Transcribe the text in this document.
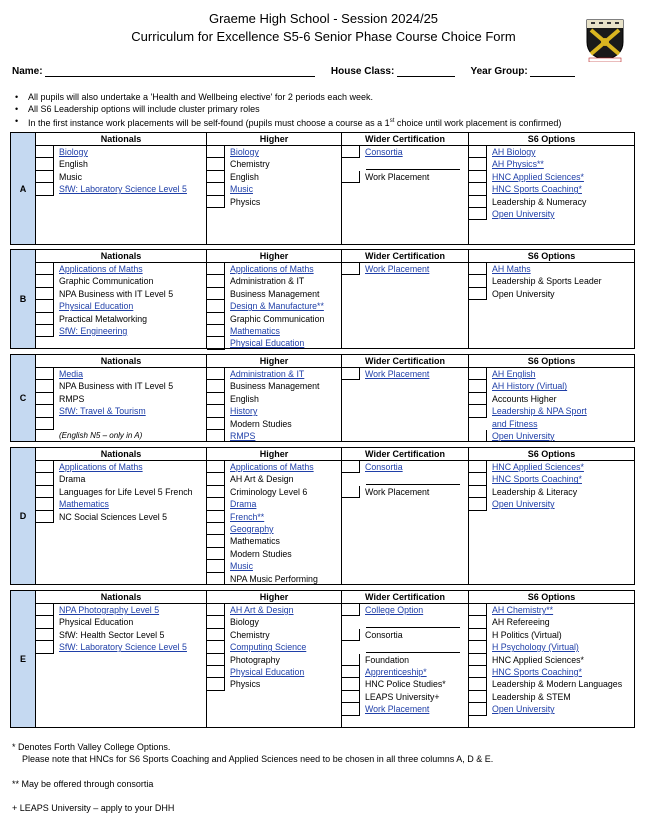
Graeme High School - Session 2024/25
Curriculum for Excellence S5-6 Senior Phase Course Choice Form
Name:	House Class:	Year Group:
• All pupils will also undertake a 'Health and Wellbeing elective' for 2 periods each week.
• All S6 Leadership options will include cluster primary roles
• In the first instance work placements will be self-found (pupils must choose a course as a 1st choice until work placement is confirmed)
A
Nationals
Biology
English
Music
SfW: Laboratory Science Level 5
Higher
Biology
Chemistry
English
Music
Physics
Wider Certification
Consortia
Work Placement
S6 Options
AH Biology
AH Physics**
HNC Applied Sciences*
HNC Sports Coaching*
Leadership & Numeracy
Open University
B
Nationals
Applications of Maths
Graphic Communication
NPA Business with IT Level 5
Physical Education
Practical Metalworking
SfW: Engineering
Higher
Applications of Maths
Administration & IT
Business Management
Design & Manufacture**
Graphic Communication
Mathematics
Physical Education
Wider Certification
Work Placement
S6 Options
AH Maths
Leadership & Sports Leader
Open University
C
Nationals
Media
NPA Business with IT Level 5
RMPS
SfW: Travel & Tourism
(English N5 – only in A)
Higher
Administration & IT
Business Management
English
History
Modern Studies
RMPS
Wider Certification
Work Placement
S6 Options
AH English
AH History (Virtual)
Accounts Higher
Leadership & NPA Sport
and Fitness
Open University
D
Nationals
Applications of Maths
Drama
Languages for Life Level 5 French
Mathematics
NC Social Sciences Level 5
Higher
Applications of Maths
AH Art & Design
Criminology Level 6
Drama
French**
Geography
Mathematics
Modern Studies
Music
NPA Music Performing
Wider Certification
Consortia
Work Placement
S6 Options
HNC Applied Sciences*
HNC Sports Coaching*
Leadership & Literacy
Open University
E
Nationals
NPA Photography Level 5
Physical Education
SfW: Health Sector Level 5
SfW: Laboratory Science Level 5
Higher
AH Art & Design
Biology
Chemistry
Computing Science
Photography
Physical Education
Physics
Wider Certification
College Option
Consortia
Foundation
Apprenticeship*
HNC Police Studies*
LEAPS University+
Work Placement
S6 Options
AH Chemistry**
AH Refereeing
H Politics (Virtual)
H Psychology (Virtual)
HNC Applied Sciences*
HNC Sports Coaching*
Leadership & Modern Languages
Leadership & STEM
Open University
* Denotes Forth Valley College Options.
Please note that HNCs for S6 Sports Coaching and Applied Sciences need to be chosen in all three columns A, D & E.
** May be offered through consortia
+ LEAPS University – apply to your DHH
